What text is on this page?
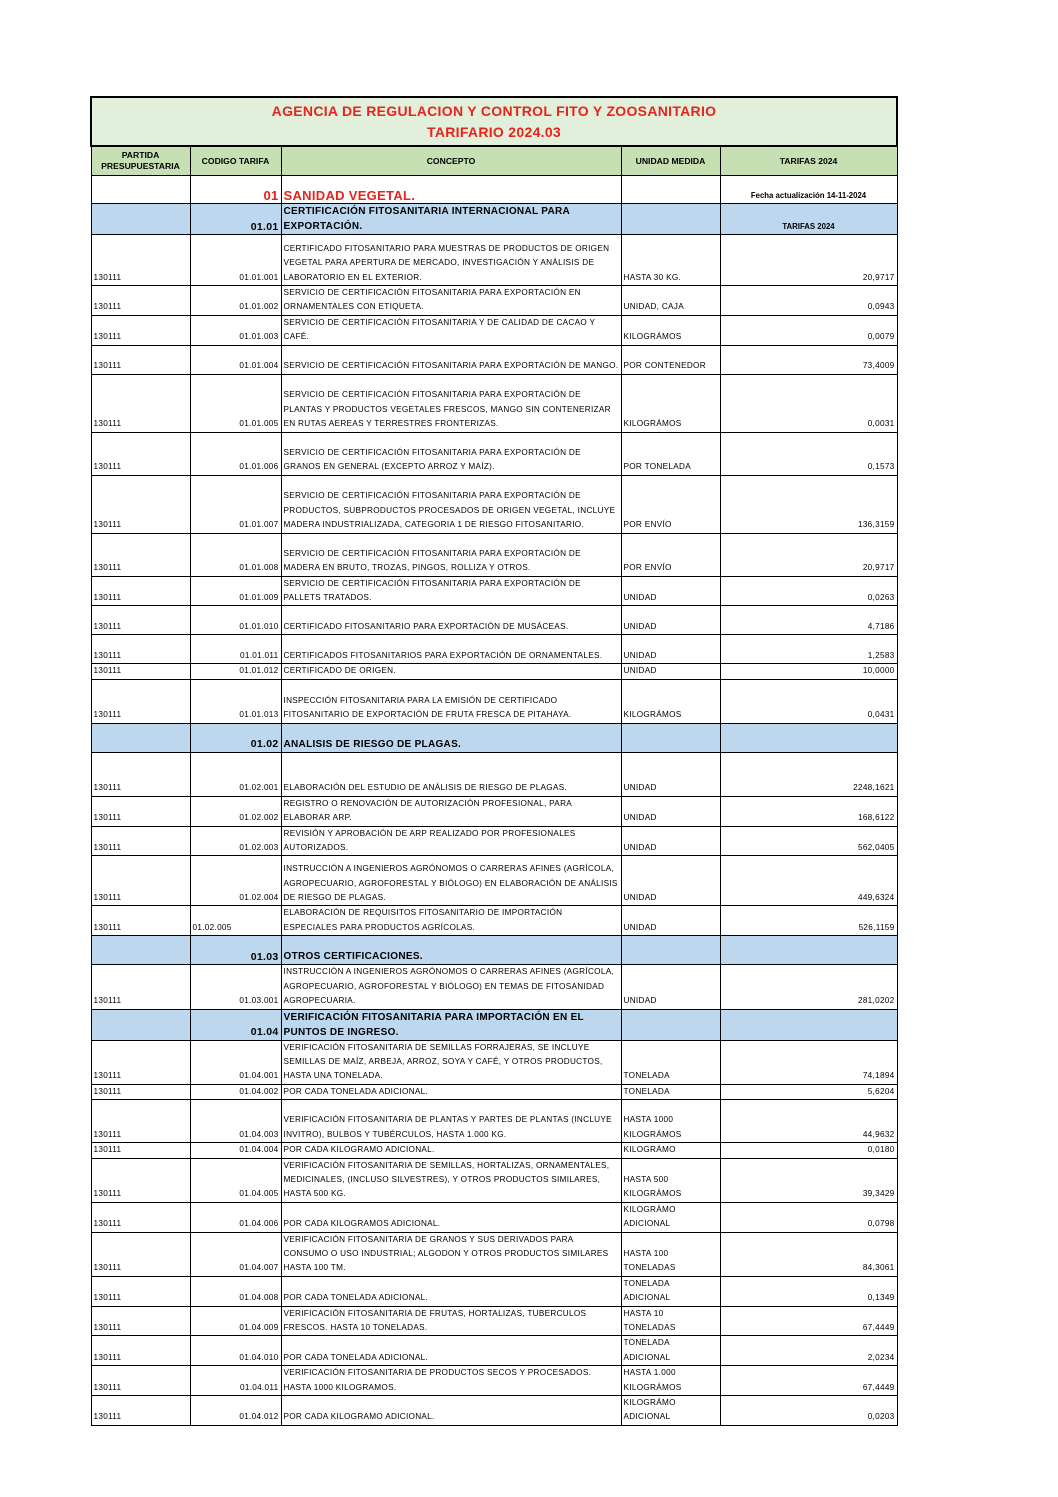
AGENCIA DE REGULACION Y CONTROL FITO Y ZOOSANITARIO
TARIFARIO 2024.03				

PARTIDA PRESUPUESTARIA	CODIGO TARIFA	CONCEPTO	UNIDAD MEDIDA	TARIFAS 2024
	01	SANIDAD VEGETAL.		Fecha actualización 14-11-2024
	01.01	CERTIFICACIÓN FITOSANITARIA INTERNACIONAL PARA EXPORTACIÓN.		TARIFAS 2024
130111	01.01.001	CERTIFICADO FITOSANITARIO PARA MUESTRAS DE PRODUCTOS DE ORIGEN VEGETAL PARA APERTURA DE MERCADO, INVESTIGACIÓN Y ANÁLISIS DE LABORATORIO EN EL EXTERIOR.	HASTA 30 KG.	20,9717
130111	01.01.002	SERVICIO DE CERTIFICACIÓN FITOSANITARIA PARA EXPORTACIÓN EN ORNAMENTALES CON ETIQUETA.	UNIDAD, CAJA	0,0943
130111	01.01.003	SERVICIO DE CERTIFICACIÓN FITOSANITARIA Y DE CALIDAD DE CACAO Y CAFÉ.	KILOGRÁMOS	0,0079
130111	01.01.004	SERVICIO DE CERTIFICACIÓN FITOSANITARIA PARA EXPORTACIÓN DE MANGO.	POR CONTENEDOR	73,4009
130111	01.01.005	SERVICIO DE CERTIFICACIÓN FITOSANITARIA PARA EXPORTACIÓN DE PLANTAS Y PRODUCTOS VEGETALES FRESCOS, MANGO SIN CONTENERIZAR EN RUTAS AEREAS Y TERRESTRES FRONTERIZAS.	KILOGRÁMOS	0,0031
130111	01.01.006	SERVICIO DE CERTIFICACIÓN FITOSANITARIA PARA EXPORTACIÓN DE GRANOS EN GENERAL (EXCEPTO ARROZ Y MAÍZ).	POR TONELADA	0,1573
130111	01.01.007	SERVICIO DE CERTIFICACIÓN FITOSANITARIA PARA EXPORTACIÓN DE PRODUCTOS, SUBPRODUCTOS PROCESADOS DE ORIGEN VEGETAL, INCLUYE MADERA INDUSTRIALIZADA, CATEGORIA 1 DE RIESGO FITOSANITARIO.	POR ENVÍO	136,3159
130111	01.01.008	SERVICIO DE CERTIFICACIÓN FITOSANITARIA PARA EXPORTACIÓN DE MADERA EN BRUTO, TROZAS, PINGOS, ROLLIZA Y OTROS.	POR ENVÍO	20,9717
130111	01.01.009	SERVICIO DE CERTIFICACIÓN FITOSANITARIA PARA EXPORTACIÓN DE PALLETS TRATADOS.	UNIDAD	0,0263
130111	01.01.010	CERTIFICADO FITOSANITARIO PARA EXPORTACIÓN DE MUSÁCEAS.	UNIDAD	4,7186
130111	01.01.011	CERTIFICADOS FITOSANITARIOS PARA EXPORTACIÓN DE ORNAMENTALES.	UNIDAD	1,2583
130111	01.01.012	CERTIFICADO DE ORIGEN.	UNIDAD	10,0000
130111	01.01.013	INSPECCIÓN FITOSANITARIA PARA LA EMISIÓN DE CERTIFICADO FITOSANITARIO DE EXPORTACIÓN DE FRUTA FRESCA DE PITAHAYA.	KILOGRÁMOS	0,0431
	01.02	ANALISIS DE RIESGO DE PLAGAS.		
130111	01.02.001	ELABORACIÓN DEL ESTUDIO DE ANÁLISIS DE RIESGO DE PLAGAS.	UNIDAD	2248,1621
130111	01.02.002	REGISTRO O RENOVACIÓN DE AUTORIZACIÓN PROFESIONAL, PARA ELABORAR ARP.	UNIDAD	168,6122
130111	01.02.003	REVISIÓN Y APROBACIÓN DE ARP REALIZADO POR PROFESIONALES AUTORIZADOS.	UNIDAD	562,0405
130111	01.02.004	INSTRUCCIÓN A INGENIEROS AGRÓNOMOS O CARRERAS AFINES (AGRÍCOLA, AGROPECUARIO, AGROFORESTAL Y BIÓLOGO) EN ELABORACIÓN DE ANÁLISIS DE RIESGO DE PLAGAS.	UNIDAD	449,6324
130111	01.02.005	ELABORACIÓN DE REQUISITOS FITOSANITARIO DE IMPORTACIÓN ESPECIALES PARA PRODUCTOS AGRÍCOLAS.	UNIDAD	526,1159
	01.03	OTROS CERTIFICACIONES.		
130111	01.03.001	INSTRUCCIÓN A INGENIEROS AGRÓNOMOS O CARRERAS AFINES (AGRÍCOLA, AGROPECUARIO, AGROFORESTAL Y BIÓLOGO) EN TEMAS DE FITOSANIDAD AGROPECUARIA.	UNIDAD	281,0202
	01.04	VERIFICACIÓN FITOSANITARIA PARA IMPORTACIÓN EN EL PUNTOS DE INGRESO.		
130111	01.04.001	VERIFICACIÓN FITOSANITARIA DE SEMILLAS FORRAJERAS, SE INCLUYE SEMILLAS DE MAÍZ, ARBEJA, ARROZ, SOYA Y CAFÉ, Y OTROS PRODUCTOS, HASTA UNA TONELADA.	TONELADA	74,1894
130111	01.04.002	POR CADA TONELADA ADICIONAL.	TONELADA	5,6204
130111	01.04.003	VERIFICACIÓN FITOSANITARIA DE PLANTAS Y PARTES DE PLANTAS (INCLUYE INVITRO), BULBOS Y TUBÉRCULOS, HASTA 1.000 KG.	HASTA 1000 KILOGRÁMOS	44,9632
130111	01.04.004	POR CADA KILOGRAMO ADICIONAL.	KILOGRÁMO	0,0180
130111	01.04.005	VERIFICACIÓN FITOSANITARIA DE SEMILLAS, HORTALIZAS, ORNAMENTALES, MEDICINALES, (INCLUSO SILVESTRES), Y OTROS PRODUCTOS SIMILARES, HASTA 500 KG.	HASTA 500 KILOGRÁMOS	39,3429
130111	01.04.006	POR CADA KILOGRAMOS ADICIONAL.	KILOGRÁMO ADICIONAL	0,0798
130111	01.04.007	VERIFICACIÓN FITOSANITARIA DE GRANOS Y SUS DERIVADOS PARA CONSUMO O USO INDUSTRIAL; ALGODON Y OTROS PRODUCTOS SIMILARES HASTA 100 TM.	HASTA 100 TONELADAS	84,3061
130111	01.04.008	POR CADA TONELADA ADICIONAL.	TONELADA ADICIONAL	0,1349
130111	01.04.009	VERIFICACIÓN FITOSANITARIA DE FRUTAS, HORTALIZAS, TUBERCULOS FRESCOS. HASTA 10 TONELADAS.	HASTA 10 TONELADAS	67,4449
130111	01.04.010	POR CADA TONELADA ADICIONAL.	TONELADA ADICIONAL	2,0234
130111	01.04.011	VERIFICACIÓN FITOSANITARIA DE PRODUCTOS SECOS Y PROCESADOS. HASTA 1000 KILOGRAMOS.	HASTA 1.000 KILOGRÁMOS	67,4449
130111	01.04.012	POR CADA KILOGRAMO ADICIONAL.	KILOGRÁMO ADICIONAL	0,0203
